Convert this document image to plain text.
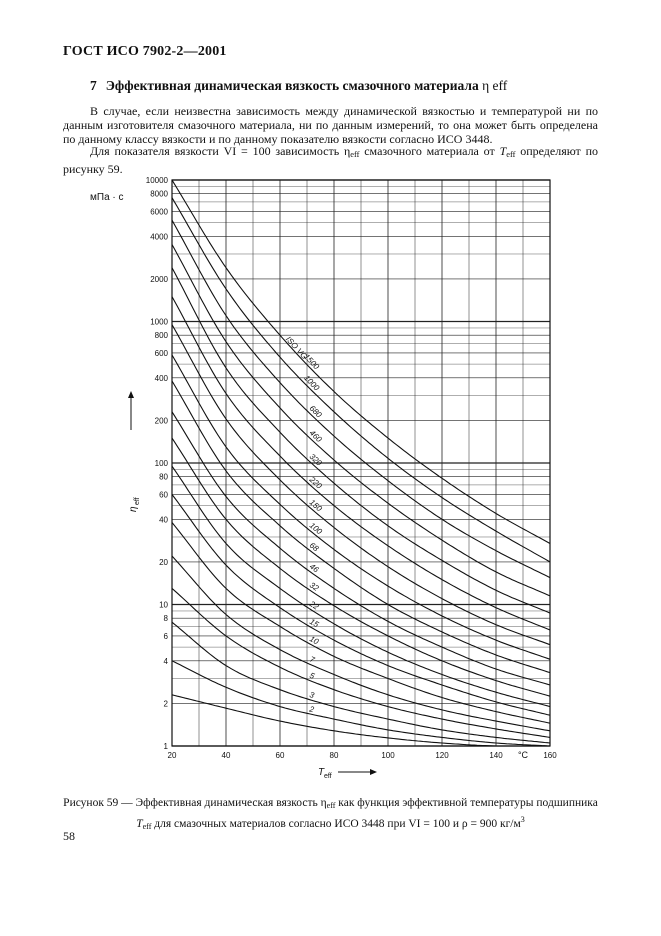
ГОСТ ИСО 7902-2—2001
7 Эффективная динамическая вязкость смазочного материала η eff
В случае, если неизвестна зависимость между динамической вязкостью и температурой ни по данным изготовителя смазочного материала, ни по данным измерений, то она может быть определена по данному классу вязкости и по данному показателю вязкости согласно ИСО 3448.
Для показателя вязкости VI = 100 зависимость $\eta_{eff}$ смазочного материала от $T_{eff}$ определяют по рисунку 59.
1
2
4
6
8
10
20
40
60
80
100
200
400
600
800
1000
2000
4000
6000
8000
10000
20	40	60	80	100	120	140	160
1500
1000
680
460
320
220
150
100
68
46
32
22
15
10
7
5
3
2
ISO VG
мПа · с
η
eff
T eff
°C
Рисунок 59 — Эффективная динамическая вязкость $\eta_{eff}$ как функция эффективной температуры подшипника $T_{eff}$ для смазочных материалов согласно ИСО 3448 при VI = 100 и ρ = 900 $кг/м^3$
58
